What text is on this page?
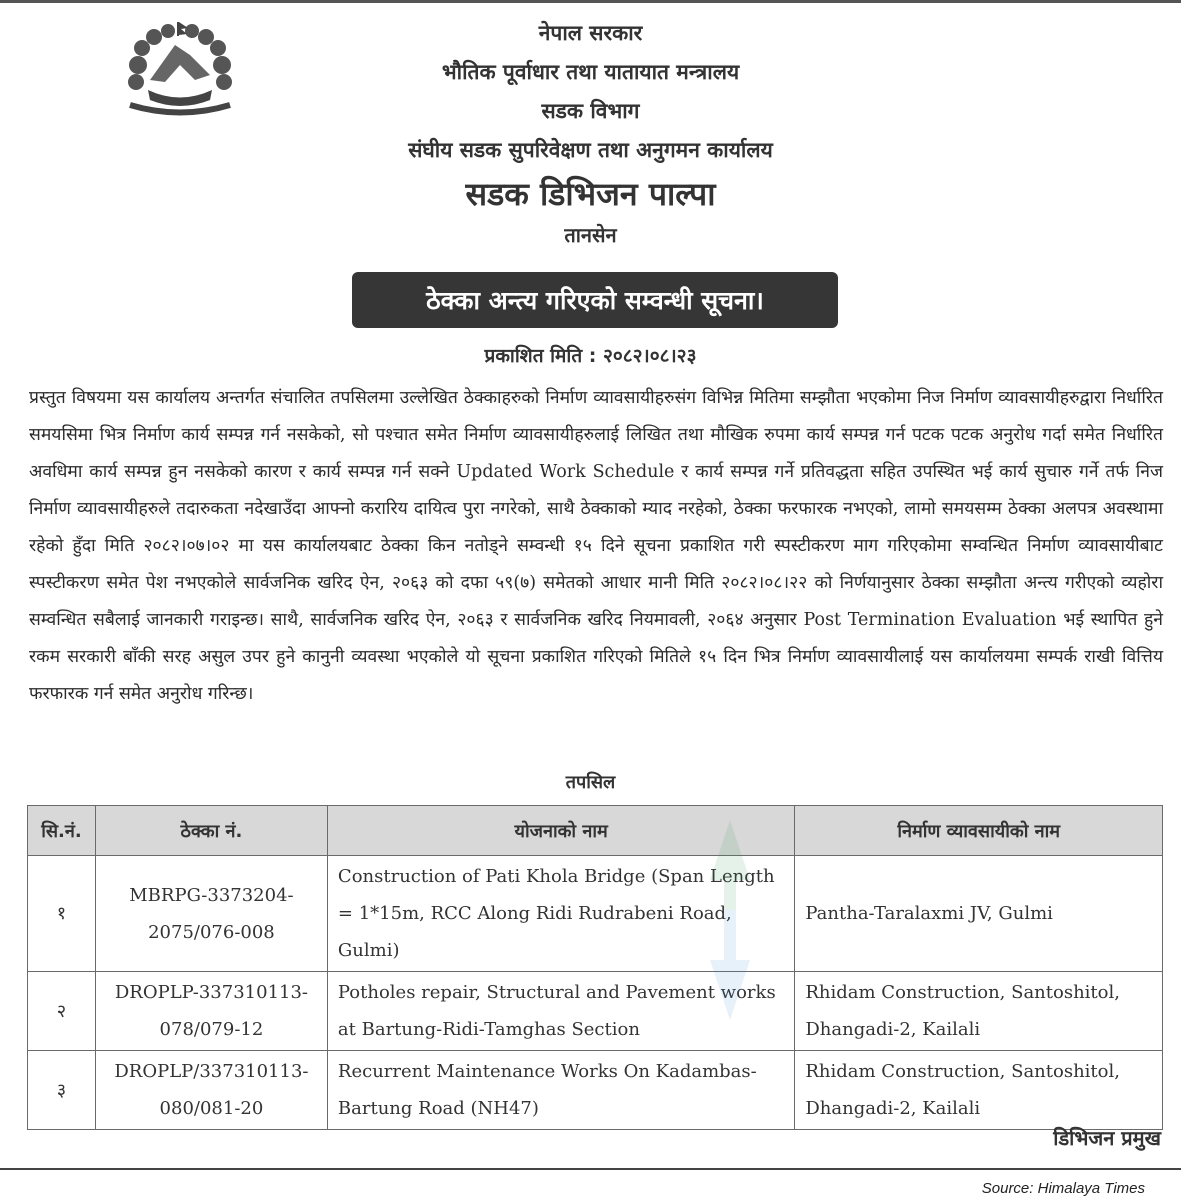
नेपाल सरकार
भौतिक पूर्वाधार तथा यातायात मन्त्रालय
सडक विभाग
संघीय सडक सुपरिवेक्षण तथा अनुगमन कार्यालय
सडक डिभिजन पाल्पा
तानसेन
ठेक्का अन्त्य गरिएको सम्वन्धी सूचना।
प्रकाशित मिति : २०८२।०८।२३
प्रस्तुत विषयमा यस कार्यालय अन्तर्गत संचालित तपसिलमा उल्लेखित ठेक्काहरुको निर्माण व्यावसायीहरुसंग विभिन्न मितिमा सम्झौता भएकोमा निज निर्माण व्यावसायीहरुद्वारा निर्धारित समयसिमा भित्र निर्माण कार्य सम्पन्न गर्न नसकेको, सो पश्चात समेत निर्माण व्यावसायीहरुलाई लिखित तथा मौखिक रुपमा कार्य सम्पन्न गर्न पटक पटक अनुरोध गर्दा समेत निर्धारित अवधिमा कार्य सम्पन्न हुन नसकेको कारण र कार्य सम्पन्न गर्न सक्ने Updated Work Schedule र कार्य सम्पन्न गर्ने प्रतिवद्धता सहित उपस्थित भई कार्य सुचारु गर्ने तर्फ निज निर्माण व्यावसायीहरुले तदारुकता नदेखाउँदा आफ्नो करारिय दायित्व पुरा नगरेको, साथै ठेक्काको म्याद नरहेको, ठेक्का फरफारक नभएको, लामो समयसम्म ठेक्का अलपत्र अवस्थामा रहेको हुँदा मिति २०८२।०७।०२ मा यस कार्यालयबाट ठेक्का किन नतोड्ने सम्वन्धी १५ दिने सूचना प्रकाशित गरी स्पस्टीकरण माग गरिएकोमा सम्वन्धित निर्माण व्यावसायीबाट स्पस्टीकरण समेत पेश नभएकोले सार्वजनिक खरिद ऐन, २०६३ को दफा ५९(७) समेतको आधार मानी मिति २०८२।०८।२२ को निर्णयानुसार ठेक्का सम्झौता अन्त्य गरीएको व्यहोरा सम्वन्धित सबैलाई जानकारी गराइन्छ। साथै, सार्वजनिक खरिद ऐन, २०६३ र सार्वजनिक खरिद नियमावली, २०६४ अनुसार Post Termination Evaluation भई स्थापित हुने रकम सरकारी बाँकी सरह असुल उपर हुने कानुनी व्यवस्था भएकोले यो सूचना प्रकाशित गरिएको मितिले १५ दिन भित्र निर्माण व्यावसायीलाई यस कार्यालयमा सम्पर्क राखी वित्तिय फरफारक गर्न समेत अनुरोध गरिन्छ।
तपसिल
सि.नं.	ठेक्का नं.	योजनाको नाम	निर्माण व्यावसायीको नाम
१	MBRPG-3373204-2075/076-008	Construction of Pati Khola Bridge (Span Length = 1*15m, RCC Along Ridi Rudrabeni Road, Gulmi)	Pantha-Taralaxmi JV, Gulmi
२	DROPLP-337310113-078/079-12	Potholes repair, Structural and Pavement works at Bartung-Ridi-Tamghas Section	Rhidam Construction, Santoshitol, Dhangadi-2, Kailali
३	DROPLP/337310113-080/081-20	Recurrent Maintenance Works On Kadambas-Bartung Road (NH47)	Rhidam Construction, Santoshitol, Dhangadi-2, Kailali
डिभिजन प्रमुख
Source: Himalaya Times
